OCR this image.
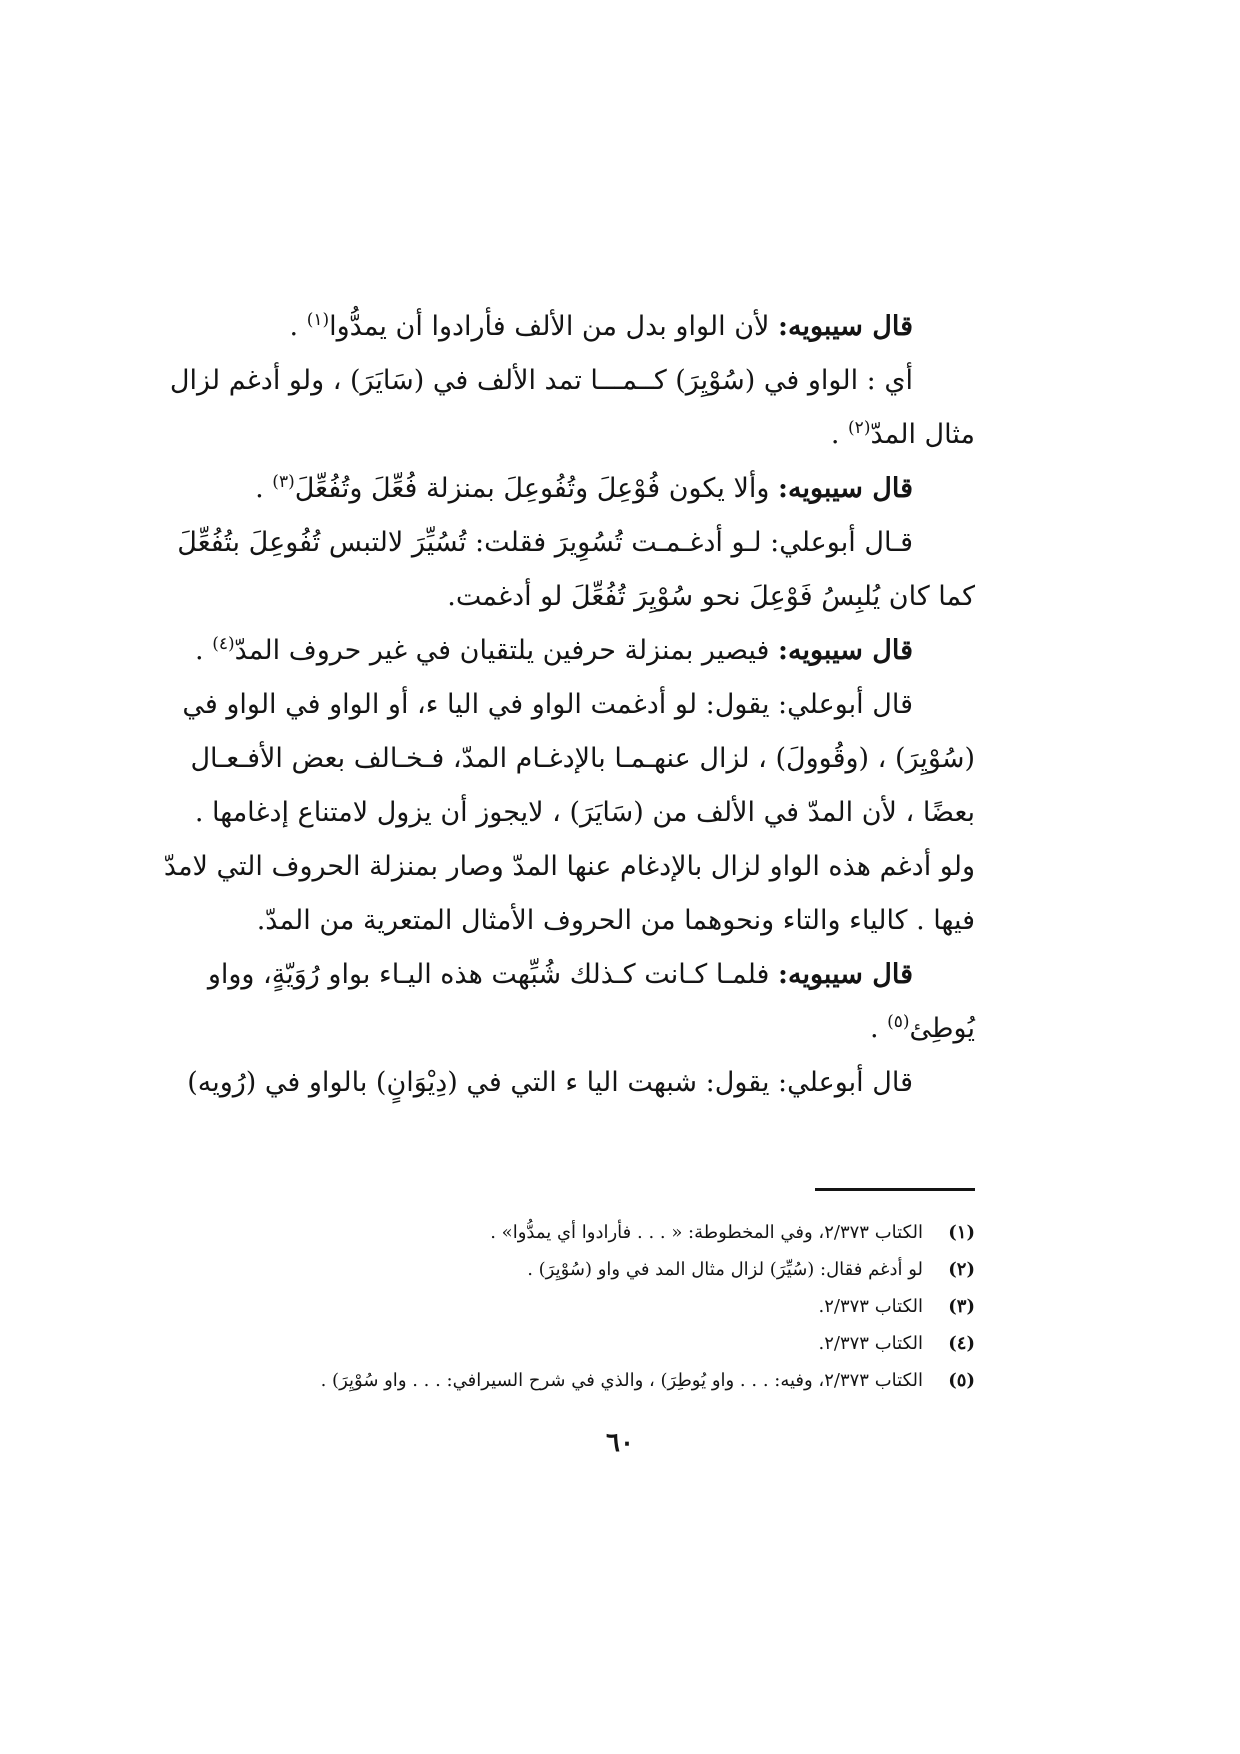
قال سيبويه: لأن الواو بدل من الألف فأرادوا أن يمدُّوا$^{(١)}$ .
أي : الواو في (سُوْيِرَ) كــمـــا تمد الألف في (سَايَرَ) ، ولو أدغم لزال
مثال المدّ$^{(٢)}$ .
قال سيبويه: وألا يكون فُوْعِلَ وتُفُوعِلَ بمنزلة فُعِّلَ وتُفُعِّلَ$^{(٣)}$ .
قـال أبوعلي: لـو أدغـمـت تُسُوِيرَ فقلت: تُسُيِّرَ لالتبس تُفُوعِلَ بتُفُعِّلَ
كما كان يُلبِسُ فَوْعِلَ نحو سُوْيِرَ تُفُعِّلَ لو أدغمت.
قال سيبويه: فيصير بمنزلة حرفين يلتقيان في غير حروف المدّ$^{(٤)}$ .
قال أبوعلي: يقول: لو أدغمت الواو في اليا ء، أو الواو في الواو في
(سُوْيِرَ) ، (وقُوولَ) ، لزال عنهـمـا بالإدغـام المدّ، فـخـالف بعض الأفـعـال
بعضًا ، لأن المدّ في الألف من (سَايَرَ) ، لايجوز أن يزول لامتناع إدغامها .
ولو أدغم هذه الواو لزال بالإدغام عنها المدّ وصار بمنزلة الحروف التي لامدّ
فيها . كالياء والتاء ونحوهما من الحروف الأمثال المتعرية من المدّ.
قال سيبويه: فلمـا كـانت كـذلك شُبِّهت هذه اليـاء بواو رُوَيّةٍ، وواو
يُوطِئ$^{(٥)}$ .
قال أبوعلي: يقول: شبهت اليا ء التي في (دِيْوَانٍ) بالواو في (رُويه)
(١)الكتاب ٢/٣٧٣، وفي المخطوطة: « . . . فأرادوا أي يمدُّوا» .
(٢)لو أدغم فقال: (سُيِّرَ) لزال مثال المد في واو (سُوْيِرَ) .
(٣)الكتاب ٢/٣٧٣.
(٤)الكتاب ٢/٣٧٣.
(٥)الكتاب ٢/٣٧٣، وفيه: . . . واو يُوطِرَ) ، والذي في شرح السيرافي: . . . واو سُوْيِرَ) .
٦٠
